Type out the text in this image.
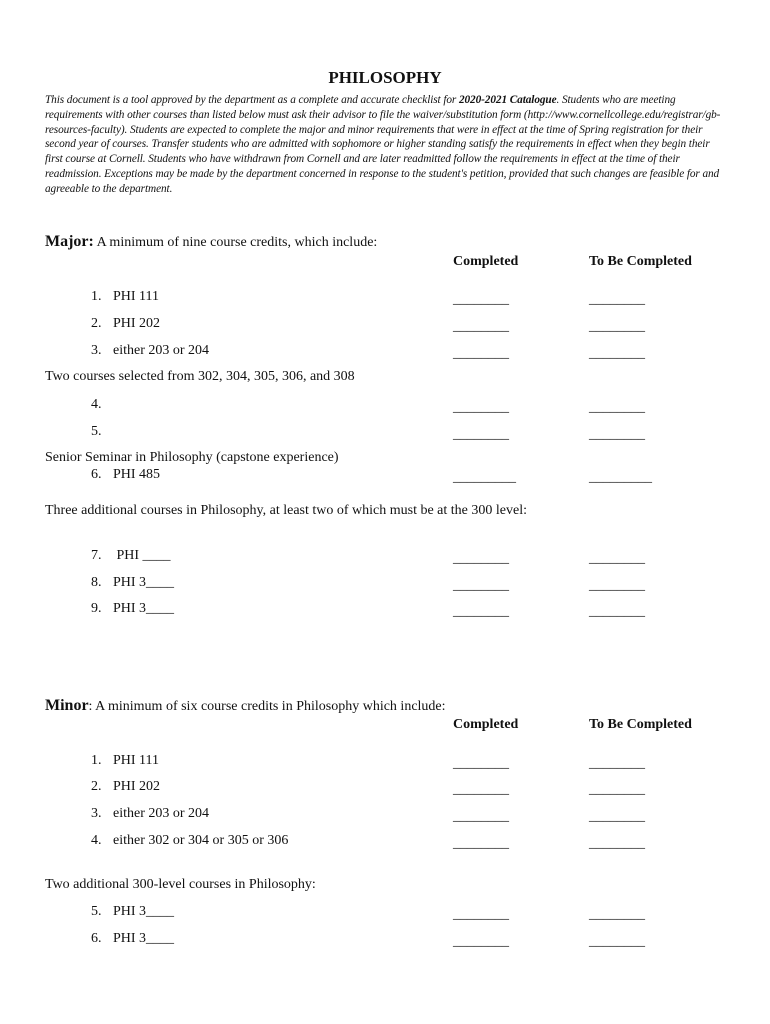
PHILOSOPHY
This document is a tool approved by the department as a complete and accurate checklist for 2020-2021 Catalogue. Students who are meeting requirements with other courses than listed below must ask their advisor to file the waiver/substitution form (http://www.cornellcollege.edu/registrar/gb-resources-faculty). Students are expected to complete the major and minor requirements that were in effect at the time of Spring registration for their second year of courses. Transfer students who are admitted with sophomore or higher standing satisfy the requirements in effect when they begin their first course at Cornell. Students who have withdrawn from Cornell and are later readmitted follow the requirements in effect at the time of their readmission. Exceptions may be made by the department concerned in response to the student's petition, provided that such changes are feasible for and agreeable to the department.
Major: A minimum of nine course credits, which include:
Completed	To Be Completed
1. PHI 111	________	________
2. PHI 202	________	________
3. either 203 or 204	________	________
Two courses selected from 302, 304, 305, 306, and 308
4.	________	________
5.	________	________
Senior Seminar in Philosophy (capstone experience)
6. PHI 485	_________	_________
Three additional courses in Philosophy, at least two of which must be at the 300 level:
7. PHI ____	________	________
8. PHI 3____	________	________
9. PHI 3____	________	________
Minor: A minimum of six course credits in Philosophy which include:
Completed	To Be Completed
1. PHI 111	________	________
2. PHI 202	________	________
3. either 203 or 204	________	________
4. either 302 or 304 or 305 or 306	________	________
Two additional 300-level courses in Philosophy:
5. PHI 3____	________	________
6. PHI 3____	________	________
